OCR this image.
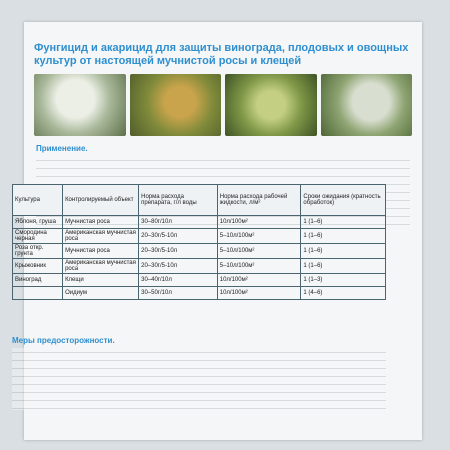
Фунгицид и акарицид для защиты винограда, плодовых и овощных культур от настоящей мучнистой росы и клещей
Применение.
Культура	Контролируемый объект	Норма расхода препарата, г/л воды	Норма расхода рабочей жидкости, л/м²	Сроки ожидания (кратность обработок)
Яблоня, груша	Мучнистая роса	30–80г/10л	10л/100м²	1 (1–6)
Смородина черная	Американская мучнистая роса	20–30г/5-10л	5–10л/100м²	1 (1–6)
Роза откр. грунта	Мучнистая роса	20–30г/5-10л	5–10л/100м²	1 (1–6)
Крыжовник	Американская мучнистая роса	20–30г/5-10л	5–10л/100м²	1 (1–6)
Виноград	Клещи	30–40г/10л	10л/100м²	1 (1–3)
	Оидиум	30–50г/10л	10л/100м²	1 (4–6)
Меры предосторожности.
